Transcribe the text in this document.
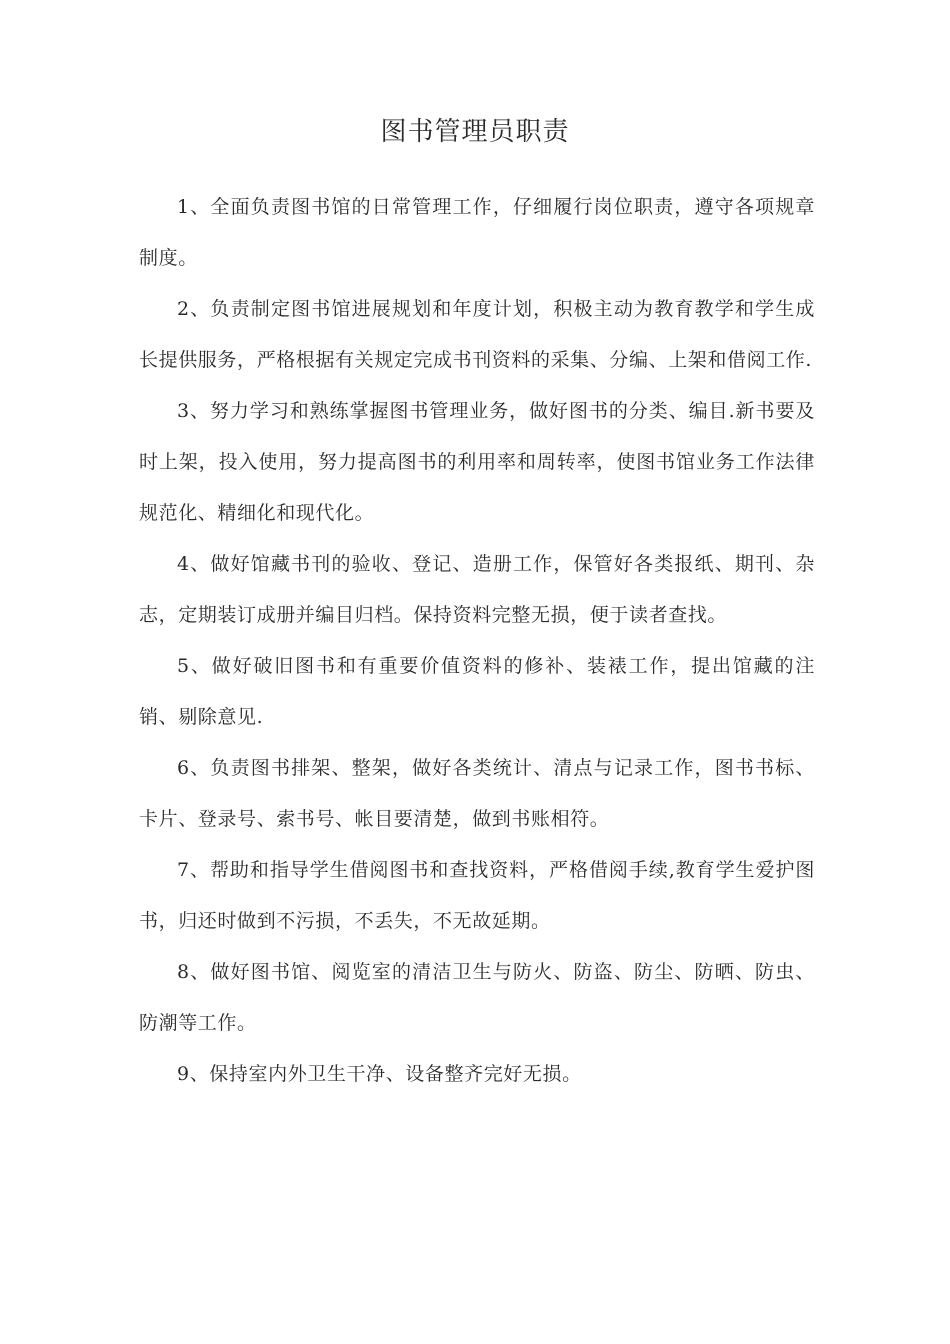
图书管理员职责

1、全面负责图书馆的日常管理工作，仔细履行岗位职责，遵守各项规章制度。

2、负责制定图书馆进展规划和年度计划，积极主动为教育教学和学生成长提供服务，严格根据有关规定完成书刊资料的采集、分编、上架和借阅工作.

3、努力学习和熟练掌握图书管理业务，做好图书的分类、编目.新书要及时上架，投入使用，努力提高图书的利用率和周转率，使图书馆业务工作法律规范化、精细化和现代化。

4、做好馆藏书刊的验收、登记、造册工作，保管好各类报纸、期刊、杂志，定期装订成册并编目归档。保持资料完整无损，便于读者查找。

5、做好破旧图书和有重要价值资料的修补、装裱工作，提出馆藏的注销、剔除意见.

6、负责图书排架、整架，做好各类统计、清点与记录工作，图书书标、卡片、登录号、索书号、帐目要清楚，做到书账相符。

7、帮助和指导学生借阅图书和查找资料，严格借阅手续,教育学生爱护图书，归还时做到不污损，不丢失，不无故延期。

8、做好图书馆、阅览室的清洁卫生与防火、防盗、防尘、防晒、防虫、防潮等工作。

9、保持室内外卫生干净、设备整齐完好无损。
